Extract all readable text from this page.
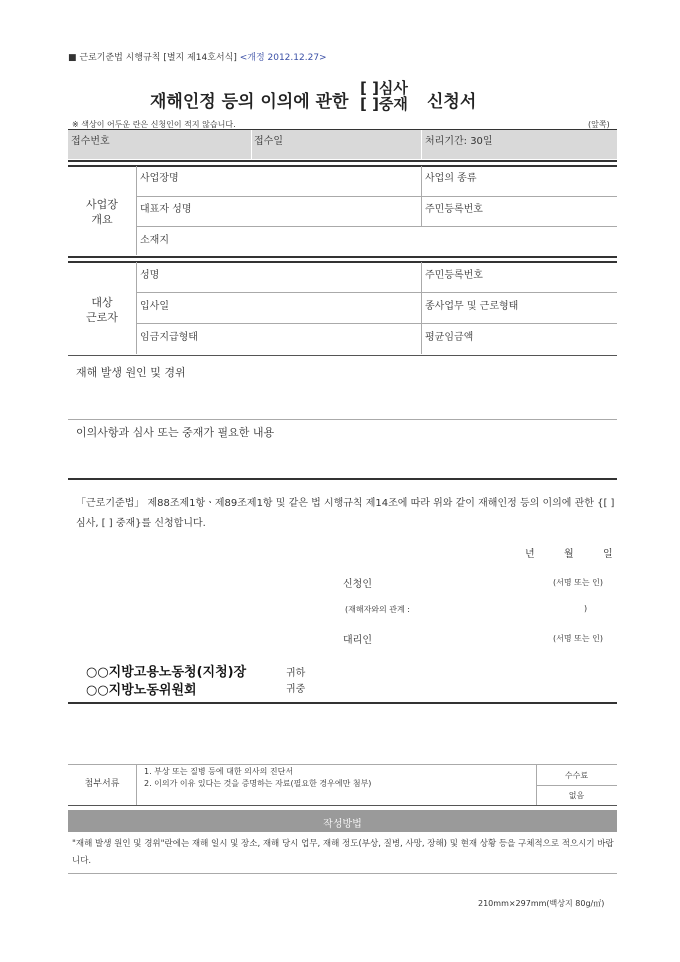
■ 근로기준법 시행규칙 [별지 제14호서식] <개정 2012.12.27>
재해인정 등의 이의에 관한
[ ]심사
[ ]중재 신청서
※ 색상이 어두운 란은 신청인이 적지 않습니다.	(앞쪽)
접수번호	접수일	처리기간: 30일
사업장
개요
사업장명	사업의 종류
대표자 성명	주민등록번호
소재지
대상
근로자
성명	주민등록번호
입사일	종사업무 및 근로형태
임금지급형태	평균임금액
재해 발생 원인 및 경위
이의사항과 심사 또는 중재가 필요한 내용
「근로기준법」 제88조제1항ㆍ제89조제1항 및 같은 법 시행규칙 제14조에 따라 위와 같이 재해인정 등의 이의에 관한 {[ ] 심사, [ ] 중재}를 신청합니다.
년	월	일
신청인	(서명 또는 인)
(재해자와의 관계 :	)
대리인	(서명 또는 인)
○○지방고용노동청(지청)장	귀하
○○지방노동위원회	귀중
첨부서류
1. 부상 또는 질병 등에 대한 의사의 진단서
2. 이의가 이유 있다는 것을 증명하는 자료(필요한 경우에만 첨부)
수수료
없음
작성방법
"재해 발생 원인 및 경위"란에는 재해 일시 및 장소, 재해 당시 업무, 재해 정도(부상, 질병, 사망, 장해) 및 현재 상황 등을 구체적으로 적으시기 바랍니다.
210mm×297mm(백상지 80g/㎡)
